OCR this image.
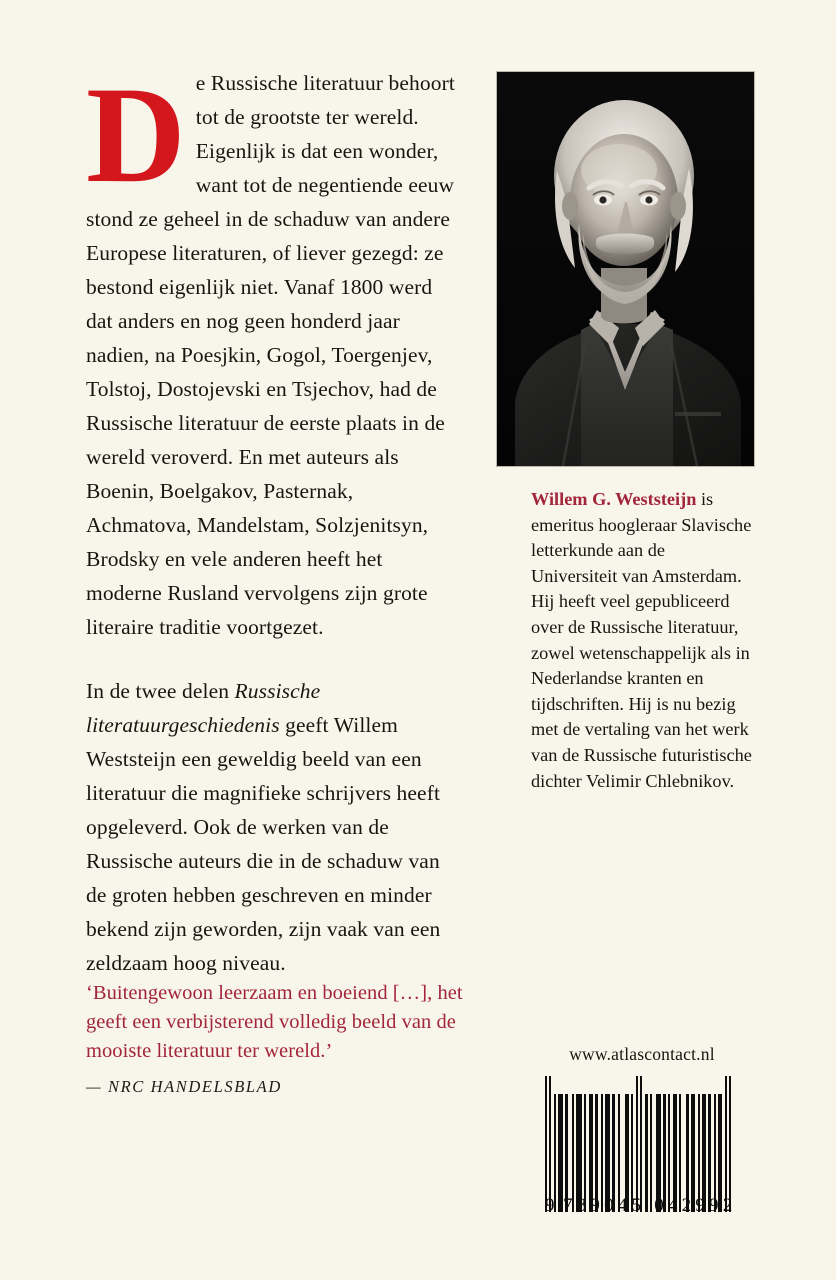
De Russische literatuur behoort tot de grootste ter wereld. Eigenlijk is dat een wonder, want tot de negentiende eeuw stond ze geheel in de schaduw van andere Europese literaturen, of liever gezegd: ze bestond eigenlijk niet. Vanaf 1800 werd dat anders en nog geen honderd jaar nadien, na Poesjkin, Gogol, Toergenjev, Tolstoj, Dostojevski en Tsjechov, had de Russische literatuur de eerste plaats in de wereld veroverd. En met auteurs als Boenin, Boelgakov, Pasternak, Achmatova, Mandelstam, Solzjenitsyn, Brodsky en vele anderen heeft het moderne Rusland vervolgens zijn grote literaire traditie voortgezet.

In de twee delen Russische literatuurgeschiedenis geeft Willem Weststeijn een geweldig beeld van een literatuur die magnifieke schrijvers heeft opgeleverd. Ook de werken van de Russische auteurs die in de schaduw van de groten hebben geschreven en minder bekend zijn geworden, zijn vaak van een zeldzaam hoog niveau.

‘Buitengewoon leerzaam en boeiend […], het geeft een verbijsterend volledig beeld van de mooiste literatuur ter wereld.’

— NRC HANDELSBLAD

Willem G. Weststeijn is emeritus hoogleraar Slavische letterkunde aan de Universiteit van Amsterdam. Hij heeft veel gepubliceerd over de Russische literatuur, zowel wetenschappelijk als in Nederlandse kranten en tijdschriften. Hij is nu bezig met de vertaling van het werk van de Russische futuristische dichter Velimir Chlebnikov.

www.atlascontact.nl
9 789045 042992
